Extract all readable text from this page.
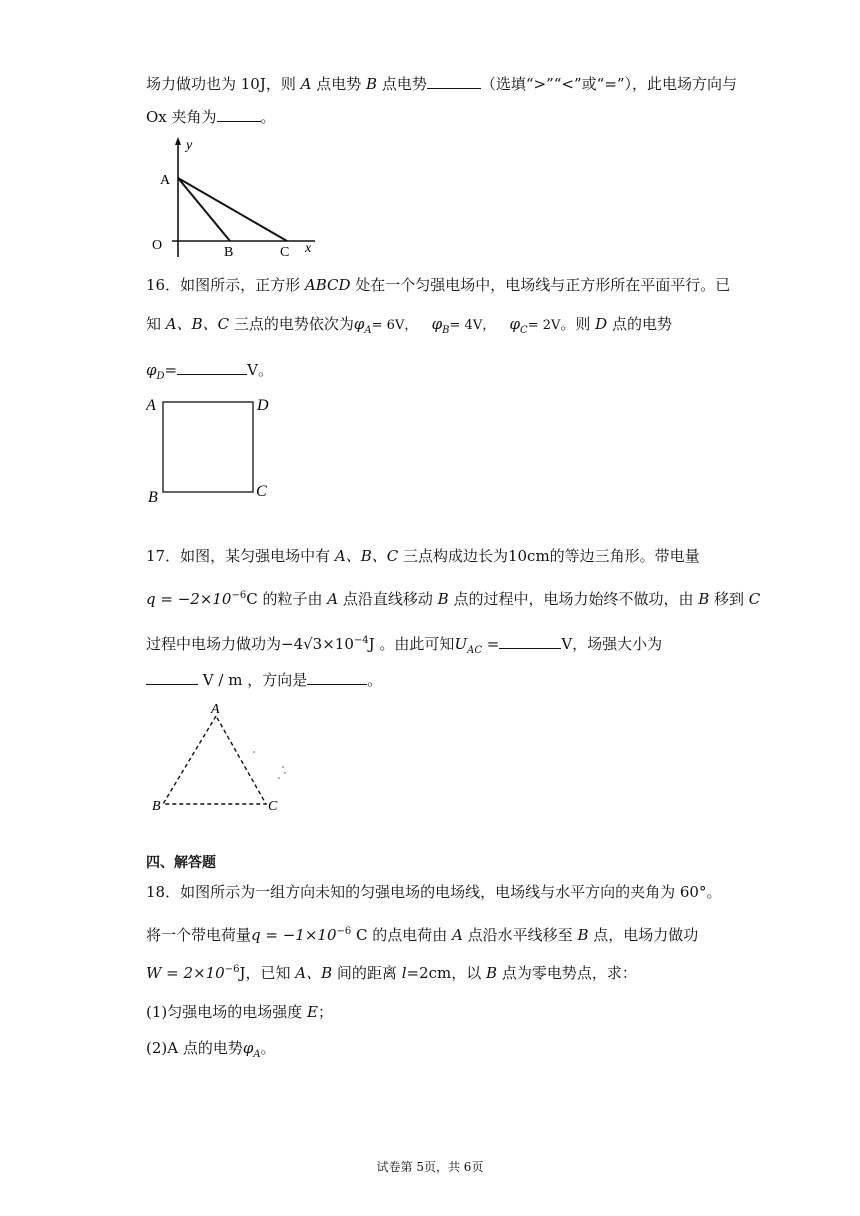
场力做功也为 10J，则 A 点电势 B 点电势	（选填“>”“<”或“=”），此电场方向与
Ox 夹角为	。
y
A
O	B	C x
16．如图所示，正方形 ABCD 处在一个匀强电场中，电场线与正方形所在平面平行。已
知 A、B、C 三点的电势依次为$\varphi_A= 6V$， $\varphi_B= 4V$， $\varphi_C= 2V$。则 D 点的电势
$\varphi_D=$	V。
A	D
B	C
17．如图，某匀强电场中有 A、B、C 三点构成边长为10cm的等边三角形。带电量
$q = -2\times 10^{-6}C$ 的粒子由 A 点沿直线移动 B 点的过程中，电场力始终不做功，由 B 移到 C
过程中电场力做功为$-4√3\times 10^{-4}J$ 。由此可知$U_{AC}$ =	V，场强大小为
V / m ，方向是	。
A
B	C
四、解答题
18．如图所示为一组方向未知的匀强电场的电场线，电场线与水平方向的夹角为 60°。
将一个带电荷量$q = -1\times 10^{-6}$ C 的点电荷由 A 点沿水平线移至 B 点，电场力做功
$W = 2\times 10^{-6}J$，已知 A、B 间的距离 l=2cm，以 B 点为零电势点，求：
(1)匀强电场的电场强度 E；
(2)A 点的电势$\varphi_A$。
试卷第 5页，共 6页
